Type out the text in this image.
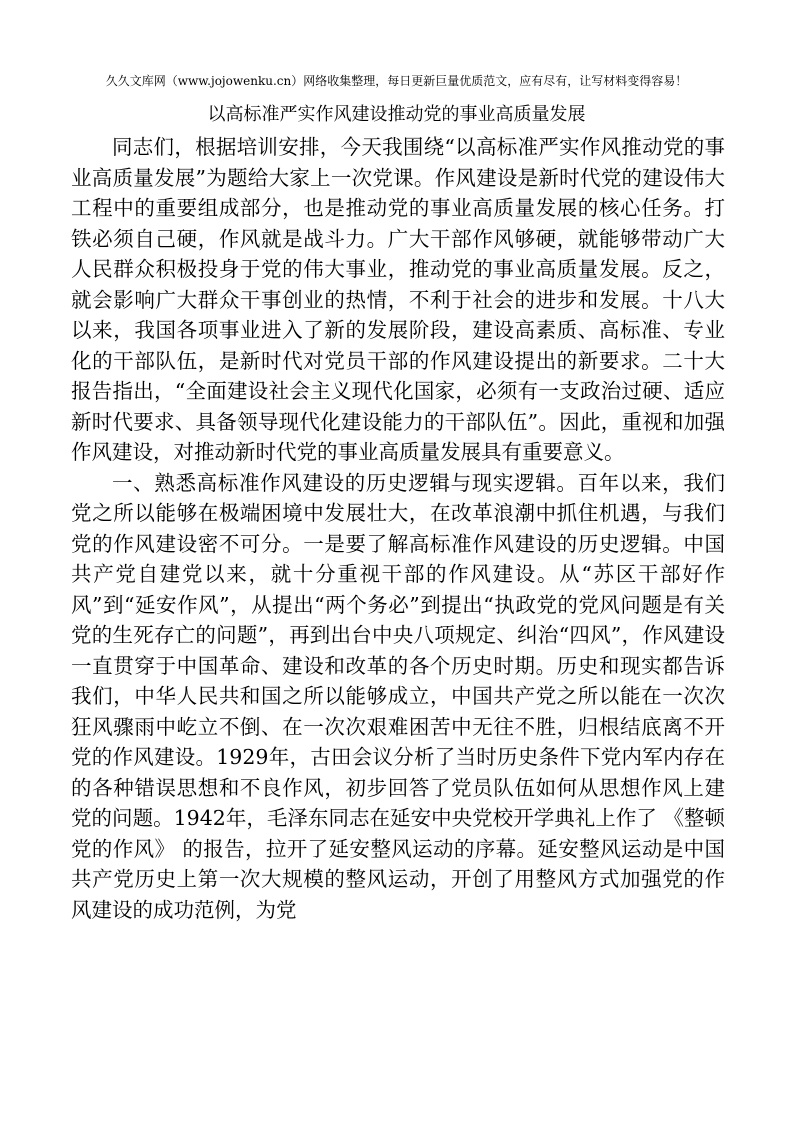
久久文库网（www.jojowenku.cn）网络收集整理，每日更新巨量优质范文，应有尽有，让写材料变得容易！
以高标准严实作风建设推动党的事业高质量发展

同志们，根据培训安排，今天我围绕“以高标准严实作风推动党的事业高质量发展”为题给大家上一次党课。作风建设是新时代党的建设伟大工程中的重要组成部分，也是推动党的事业高质量发展的核心任务。打铁必须自己硬，作风就是战斗力。广大干部作风够硬，就能够带动广大人民群众积极投身于党的伟大事业，推动党的事业高质量发展。反之，就会影响广大群众干事创业的热情，不利于社会的进步和发展。十八大以来，我国各项事业进入了新的发展阶段，建设高素质、高标准、专业化的干部队伍，是新时代对党员干部的作风建设提出的新要求。二十大报告指出，“全面建设社会主义现代化国家，必须有一支政治过硬、适应新时代要求、具备领导现代化建设能力的干部队伍”。因此，重视和加强作风建设，对推动新时代党的事业高质量发展具有重要意义。

一、熟悉高标准作风建设的历史逻辑与现实逻辑。百年以来，我们党之所以能够在极端困境中发展壮大，在改革浪潮中抓住机遇，与我们党的作风建设密不可分。一是要了解高标准作风建设的历史逻辑。中国共产党自建党以来，就十分重视干部的作风建设。从“苏区干部好作风”到“延安作风”，从提出“两个务必”到提出“执政党的党风问题是有关党的生死存亡的问题”，再到出台中央八项规定、纠治“四风”，作风建设一直贯穿于中国革命、建设和改革的各个历史时期。历史和现实都告诉我们，中华人民共和国之所以能够成立，中国共产党之所以能在一次次狂风骤雨中屹立不倒、在一次次艰难困苦中无往不胜，归根结底离不开党的作风建设。1929年，古田会议分析了当时历史条件下党内军内存在的各种错误思想和不良作风，初步回答了党员队伍如何从思想作风上建党的问题。1942年，毛泽东同志在延安中央党校开学典礼上作了 《整顿党的作风》 的报告，拉开了延安整风运动的序幕。延安整风运动是中国共产党历史上第一次大规模的整风运动，开创了用整风方式加强党的作风建设的成功范例，为党
